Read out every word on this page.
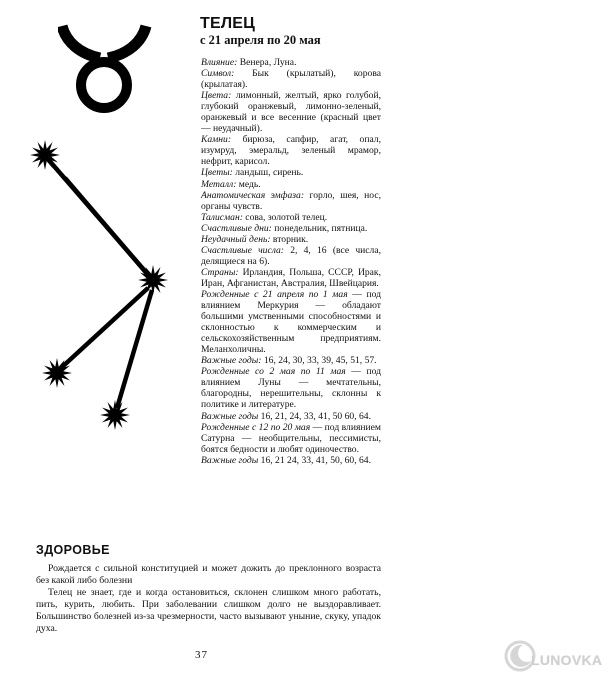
ТЕЛЕЦ
с 21 апреля по 20 мая

Влияние: Венера, Луна.

Символ: Бык (крылатый), корова (крылатая).

Цвета: лимонный, желтый, ярко голубой, глубокий оранжевый, лимонно-зеленый, оранжевый и все весенние (красный цвет — неудачный).

Камни: бирюза, сапфир, агат, опал, изумруд, эмеральд, зеленый мрамор, нефрит, карисол.

Цветы: ландыш, сирень.

Металл: медь.

Анатомическая эмфаза: горло, шея, нос, органы чувств.

Талисман: сова, золотой телец.

Счастливые дни: понедельник, пятница.

Неудачный день: вторник.

Счастливые числа: 2, 4, 16 (все числа, делящиеся на 6).

Страны: Ирландия, Польша, СССР, Ирак, Иран, Афганистан, Австралия, Швейцария.

Рожденные с 21 апреля по 1 мая — под влиянием Меркурия — обладают большими умственными способностями и склонностью к коммерческим и сельскохозяйственным предприятиям. Меланхоличны.

Важные годы: 16, 24, 30, 33, 39, 45, 51, 57.

Рожденные со 2 мая по 11 мая — под влиянием Луны — мечтательны, благородны, нерешительны, склонны к политике и литературе.

Важные годы 16, 21, 24, 33, 41, 50 60, 64.

Рожденные с 12 по 20 мая — под влиянием Сатурна — необщительны, пессимисты, боятся бедности и любят одиночество.

Важные годы 16, 21 24, 33, 41, 50, 60, 64.

ЗДОРОВЬЕ

Рождается с сильной конституцией и может дожить до преклонного возраста без какой либо болезни

Телец не знает, где и когда остановиться, склонен слишком много работать, пить, курить, любить. При заболевании слишком долго не выздоравливает. Большинство болезней из-за чрезмерности, часто вызывают уныние, скуку, упадок духа.

37	LUNOVKA
